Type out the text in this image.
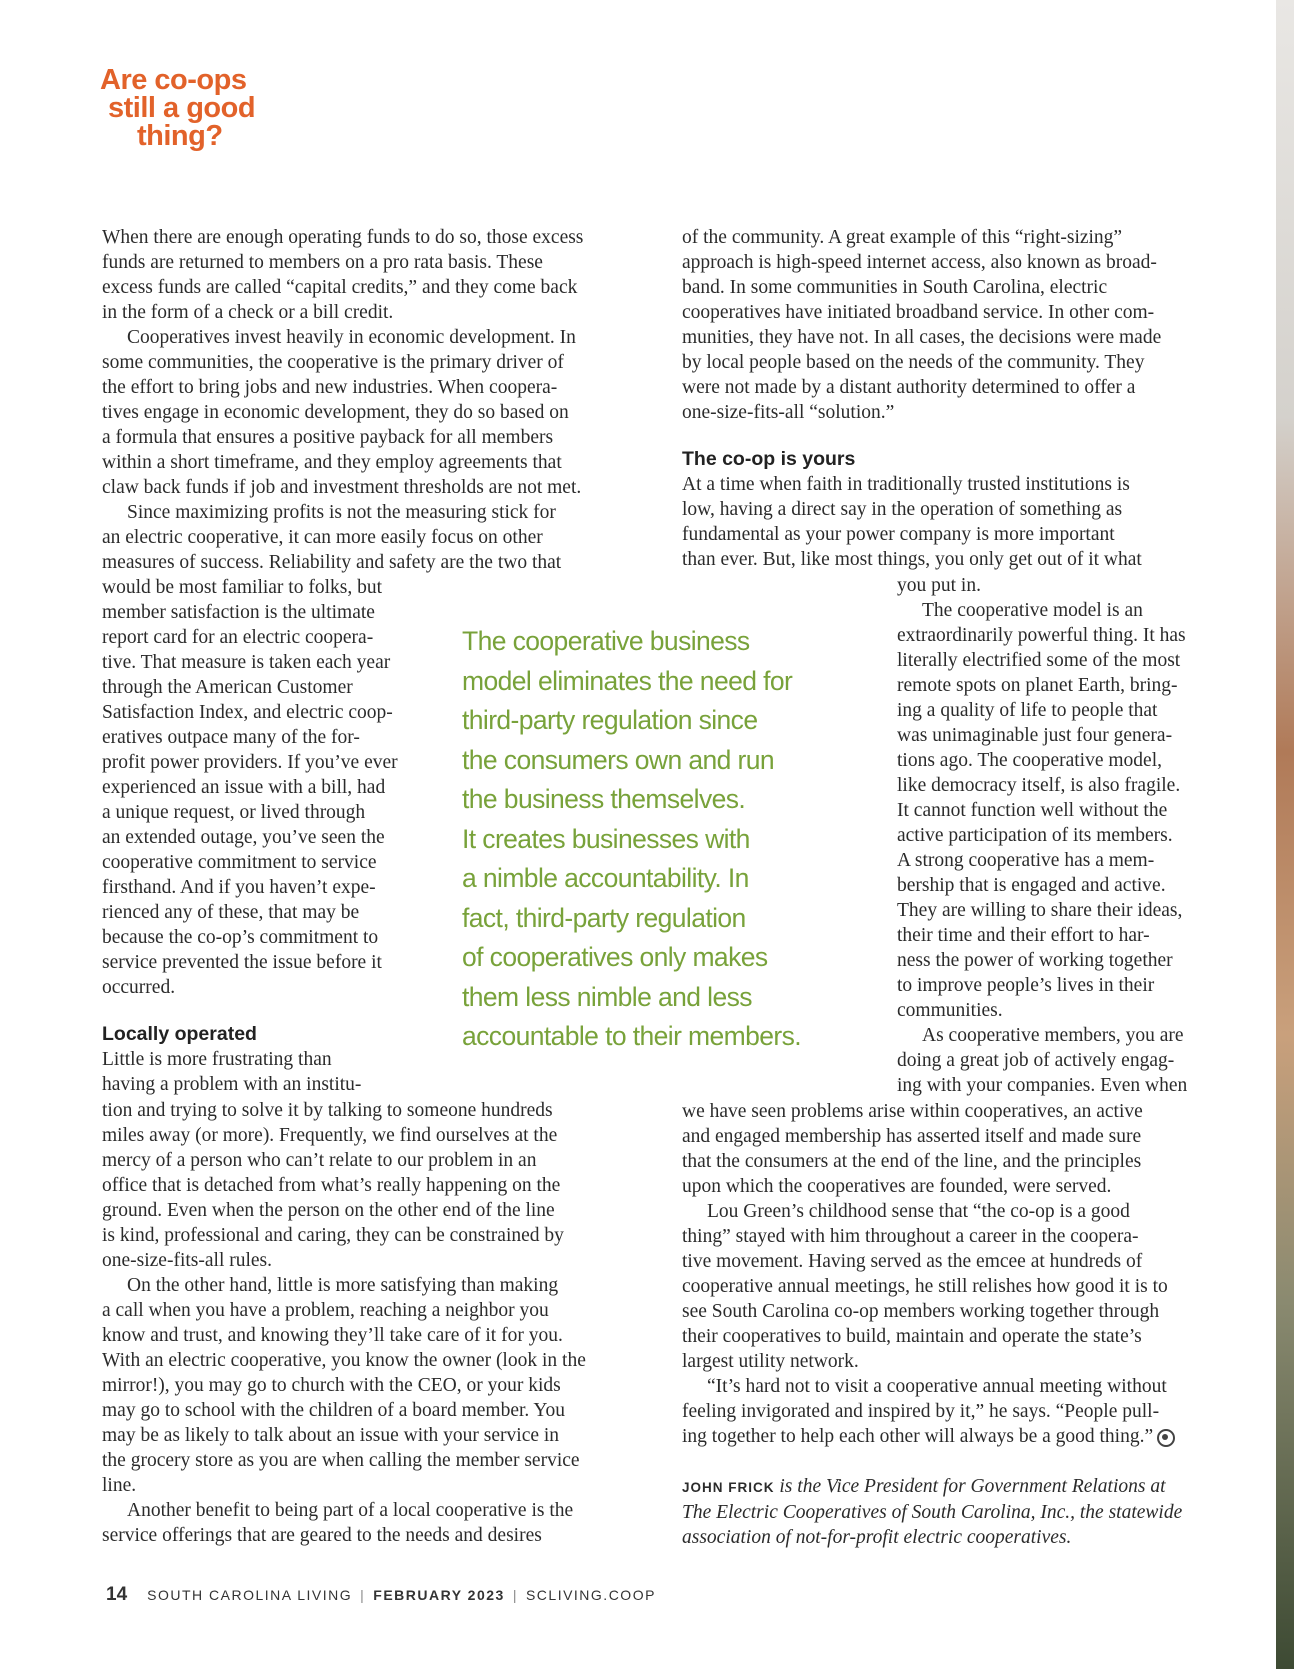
Are co-ops
still a good
thing?

When there are enough operating funds to do so, those excess

funds are returned to members on a pro rata basis. These

excess funds are called “capital credits,” and they come back

in the form of a check or a bill credit.

Cooperatives invest heavily in economic development. In

some communities, the cooperative is the primary driver of

the effort to bring jobs and new industries. When coopera-

tives engage in economic development, they do so based on

a formula that ensures a positive payback for all members

within a short timeframe, and they employ agreements that

claw back funds if job and investment thresholds are not met.

Since maximizing profits is not the measuring stick for

an electric cooperative, it can more easily focus on other

measures of success. Reliability and safety are the two that

would be most familiar to folks, but

member satisfaction is the ultimate

report card for an electric coopera-

tive. That measure is taken each year

through the American Customer

Satisfaction Index, and electric coop-

eratives outpace many of the for-

profit power providers. If you’ve ever

experienced an issue with a bill, had

a unique request, or lived through

an extended outage, you’ve seen the

cooperative commitment to service

firsthand. And if you haven’t expe-

rienced any of these, that may be

because the co-op’s commitment to

service prevented the issue before it

occurred.

Locally operated

Little is more frustrating than

having a problem with an institu-

tion and trying to solve it by talking to someone hundreds

miles away (or more). Frequently, we find ourselves at the

mercy of a person who can’t relate to our problem in an

office that is detached from what’s really happening on the

ground. Even when the person on the other end of the line

is kind, professional and caring, they can be constrained by

one-size-fits-all rules.

On the other hand, little is more satisfying than making

a call when you have a problem, reaching a neighbor you

know and trust, and knowing they’ll take care of it for you.

With an electric cooperative, you know the owner (look in the

mirror!), you may go to church with the CEO, or your kids

may go to school with the children of a board member. You

may be as likely to talk about an issue with your service in

the grocery store as you are when calling the member service

line.

Another benefit to being part of a local cooperative is the

service offerings that are geared to the needs and desires

The cooperative business
model eliminates the need for
third-party regulation since
the consumers own and run
the business themselves.
It creates businesses with
a nimble accountability. In
fact, third-party regulation
of cooperatives only makes
them less nimble and less
accountable to their members.

of the community. A great example of this “right-sizing”

approach is high-speed internet access, also known as broad-

band. In some communities in South Carolina, electric

cooperatives have initiated broadband service. In other com-

munities, they have not. In all cases, the decisions were made

by local people based on the needs of the community. They

were not made by a distant authority determined to offer a

one-size-fits-all “solution.”

The co-op is yours

At a time when faith in traditionally trusted institutions is

low, having a direct say in the operation of something as

fundamental as your power company is more important

than ever. But, like most things, you only get out of it what

you put in.

The cooperative model is an

extraordinarily powerful thing. It has

literally electrified some of the most

remote spots on planet Earth, bring-

ing a quality of life to people that

was unimaginable just four genera-

tions ago. The cooperative model,

like democracy itself, is also fragile.

It cannot function well without the

active participation of its members.

A strong cooperative has a mem-

bership that is engaged and active.

They are willing to share their ideas,

their time and their effort to har-

ness the power of working together

to improve people’s lives in their

communities.

As cooperative members, you are

doing a great job of actively engag-

ing with your companies. Even when

we have seen problems arise within cooperatives, an active

and engaged membership has asserted itself and made sure

that the consumers at the end of the line, and the principles

upon which the cooperatives are founded, were served.

Lou Green’s childhood sense that “the co-op is a good

thing” stayed with him throughout a career in the coopera-

tive movement. Having served as the emcee at hundreds of

cooperative annual meetings, he still relishes how good it is to

see South Carolina co-op members working together through

their cooperatives to build, maintain and operate the state’s

largest utility network.

“It’s hard not to visit a cooperative annual meeting without

feeling invigorated and inspired by it,” he says. “People pull-

ing together to help each other will always be a good thing.”

JOHN FRICK is the Vice President for Government Relations at
The Electric Cooperatives of South Carolina, Inc., the statewide
association of not-for-profit electric cooperatives.
14 SOUTH CAROLINA LIVING | FEBRUARY 2023 | SCLIVING.COOP
